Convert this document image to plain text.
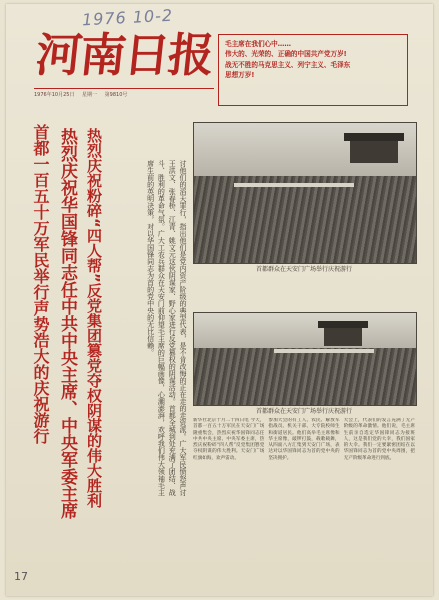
1976 10-2
河南日报
1976年10月25日 星期一 第9810号
毛主席在我们心中……
伟大的、光荣的、正确的中国共产党万岁!
战无不胜的马克思主义、列宁主义、毛泽东
思想万岁!
热烈庆祝粉碎“四人帮”反党集团篡党夺权阴谋的伟大胜利
热烈庆祝华国锋同志任中共中央主席、中央军委主席
首都一百五十万军民举行声势浩大的庆祝游行	讨他们的滔天罪行，指出他们是党内资产阶级的典型代表，是不肯改悔的正在走的走资派。广大军民愤怒声讨王洪文、张春桥、江青、姚文元这伙阴谋家、野心家进行反党篡权的阴谋活动。首都全城到处充满了团结、战斗、胜利的革命气氛。广大工农兵群众在天安门前仰望毛主席的巨幅画像，心潮澎湃，欢呼我们伟大领袖毛主席生前的英明决策，对以华国锋同志为首的党中央的无比信赖。	首都群众在天安门广场举行庆祝游行
首都群众在天安门广场举行庆祝游行
新华社北京十月二十四日电 今天，首都一百五十万军民在天安门广场隆重集会，热烈庆祝华国锋同志任中共中央主席、中央军委主席，热烈庆祝粉碎“四人帮”反党集团篡党夺权阴谋的伟大胜利。天安门广场红旗如海，欢声雷动。
参加大会的有工人、农民、解放军指战员、机关干部、大专院校师生和街道居民。他们高举毛主席像和华主席像，敲锣打鼓，载歌载舞，从四面八方汇集到天安门广场，表达对以华国锋同志为首的党中央的坚决拥护。
大会上，代表们的发言充满了无产阶级的革命激情。他们说，毛主席生前亲自选定华国锋同志为接班人，这是我们党的大幸，我们国家的大幸。我们一定要紧密团结在以华国锋同志为首的党中央周围，把无产阶级革命进行到底。
17
